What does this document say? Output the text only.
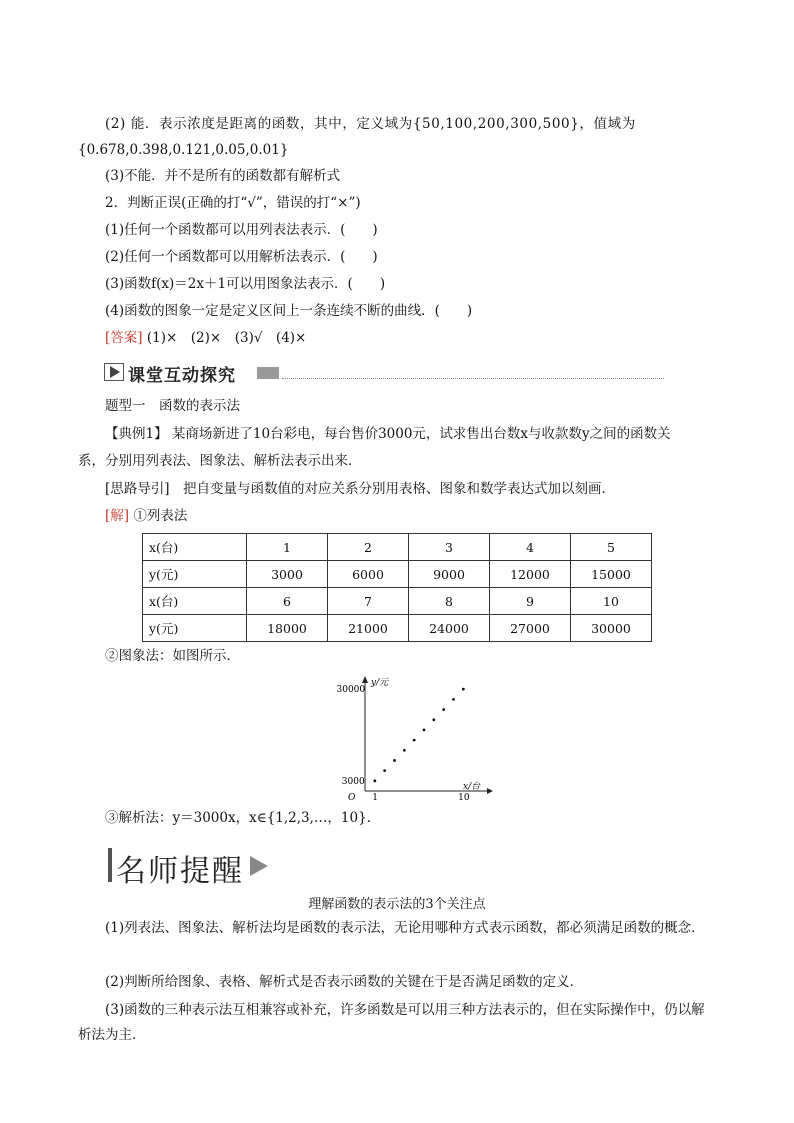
(2) 能．表示浓度是距离的函数，其中，定义域为{50,100,200,300,500}，值域为
{0.678,0.398,0.121,0.05,0.01}
(3)不能．并不是所有的函数都有解析式
2．判断正误(正确的打“√”，错误的打“×”)
(1)任何一个函数都可以用列表法表示．(　　)
(2)任何一个函数都可以用解析法表示．(　　)
(3)函数f(x)＝2x＋1可以用图象法表示．(　　)
(4)函数的图象一定是定义区间上一条连续不断的曲线．(　　)
[答案] (1)×　(2)×　(3)√　(4)×
课堂互动探究
题型一　函数的表示法
【典例1】 某商场新进了10台彩电，每台售价3000元，试求售出台数x与收款数y之间的函数关
系，分别用列表法、图象法、解析法表示出来．
[思路导引]　把自变量与函数值的对应关系分别用表格、图象和数学表达式加以刻画．
[解] ①列表法
x(台)	1	2	3	4	5
y(元)	3000	6000	9000	12000	15000
x(台)	6	7	8	9	10
y(元)	18000	21000	24000	27000	30000
②图象法：如图所示．
y/元
x/台
O 1	10
3000
30000
③解析法：y＝3000x，x∈{1,2,3,…，10}．
名师提醒
理解函数的表示法的3个关注点
(1)列表法、图象法、解析法均是函数的表示法，无论用哪种方式表示函数，都必须满足函数的概念．
(2)判断所给图象、表格、解析式是否表示函数的关键在于是否满足函数的定义．
(3)函数的三种表示法互相兼容或补充，许多函数是可以用三种方法表示的，但在实际操作中，仍以解析法为主．
